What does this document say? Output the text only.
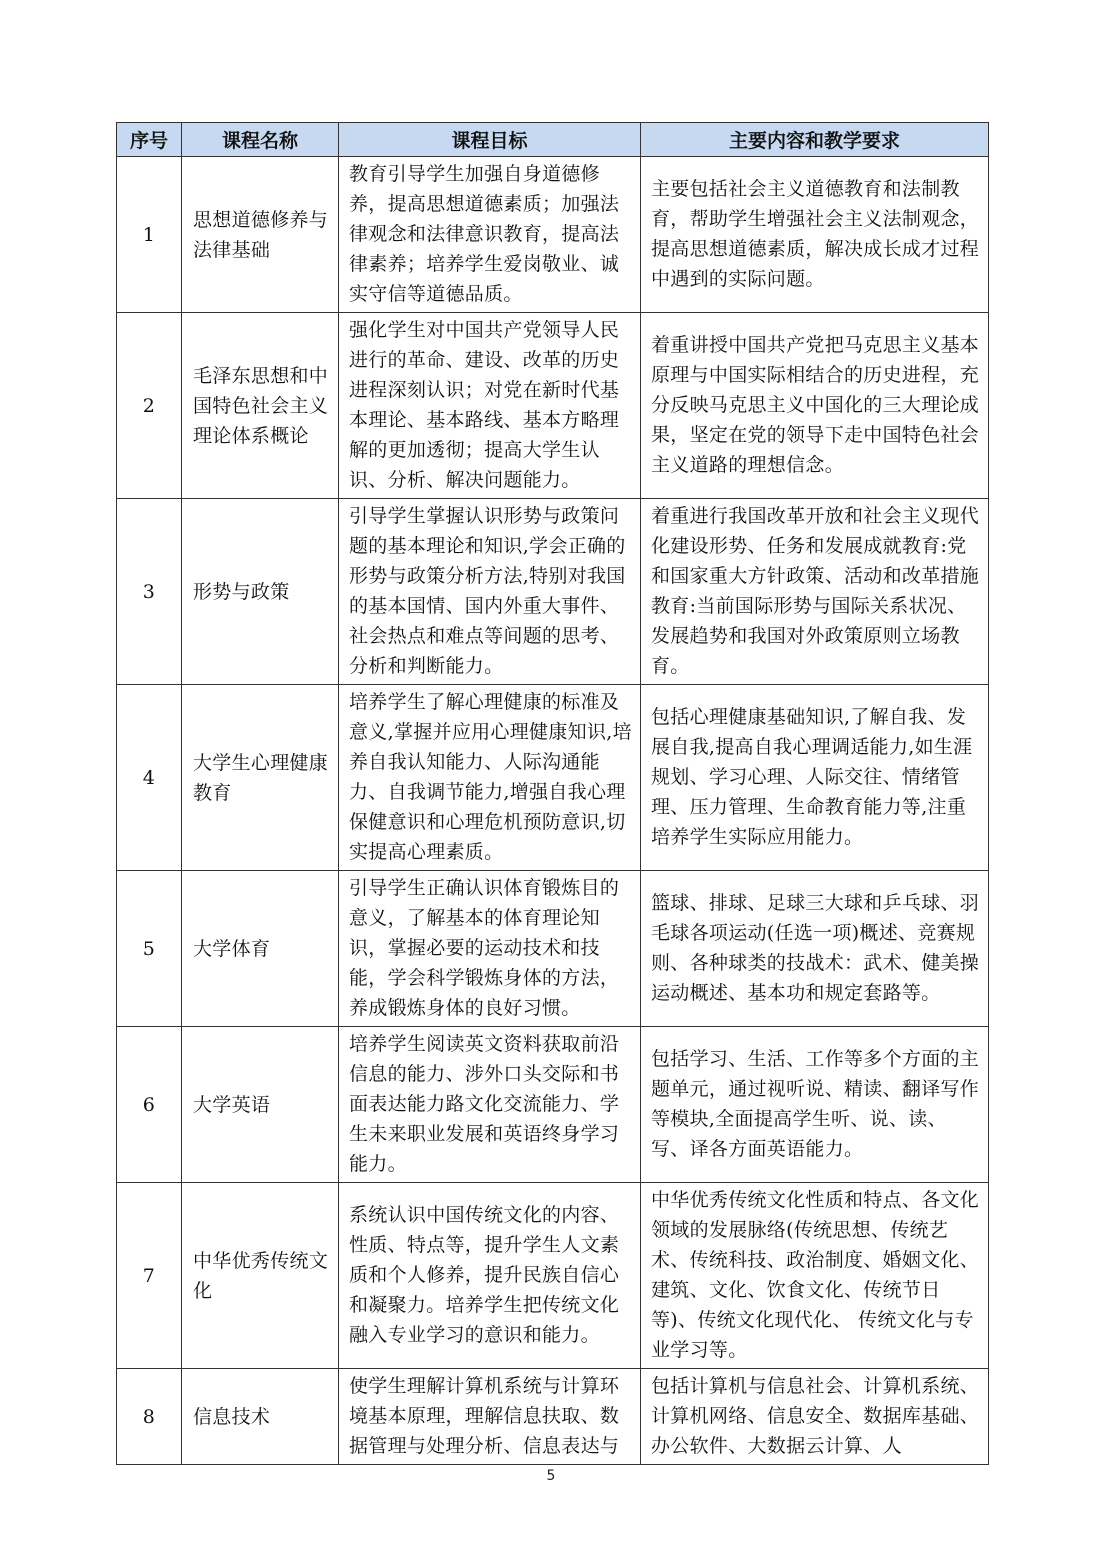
序号	课程名称	课程目标	主要内容和教学要求
1	思想道德修养与法律基础	教育引导学生加强自身道德修养，提高思想道德素质；加强法律观念和法律意识教育，提高法律素养；培养学生爱岗敬业、诚实守信等道德品质。	主要包括社会主义道德教育和法制教育，帮助学生增强社会主义法制观念，提高思想道德素质，解决成长成才过程中遇到的实际问题。
2	毛泽东思想和中国特色社会主义理论体系概论	强化学生对中国共产党领导人民进行的革命、建设、改革的历史进程深刻认识；对党在新时代基本理论、基本路线、基本方略理解的更加透彻；提高大学生认识、分析、解决问题能力。	着重讲授中国共产党把马克思主义基本原理与中国实际相结合的历史进程，充分反映马克思主义中国化的三大理论成果，坚定在党的领导下走中国特色社会主义道路的理想信念。
3	形势与政策	引导学生掌握认识形势与政策问题的基本理论和知识,学会正确的形势与政策分析方法,特别对我国的基本国情、国内外重大事件、社会热点和难点等间题的思考、分析和判断能力。	着重进行我国改革开放和社会主义现代化建设形势、任务和发展成就教育:党和国家重大方针政策、活动和改革措施教育:当前国际形势与国际关系状况、发展趋势和我国对外政策原则立场教育。
4	大学生心理健康教育	培养学生了解心理健康的标准及意义,掌握并应用心理健康知识,培养自我认知能力、人际沟通能力、自我调节能力,增强自我心理保健意识和心理危机预防意识,切实提高心理素质。	包括心理健康基础知识,了解自我、发展自我,提高自我心理调适能力,如生涯规划、学习心理、人际交往、情绪管理、压力管理、生命教育能力等,注重培养学生实际应用能力。
5	大学体育	引导学生正确认识体育锻炼目的意义，了解基本的体育理论知识，掌握必要的运动技术和技能，学会科学锻炼身体的方法，养成锻炼身体的良好习惯。	篮球、排球、足球三大球和乒乓球、羽毛球各项运动(任选一项)概述、竞赛规则、各种球类的技战术：武术、健美操运动概述、基本功和规定套路等。
6	大学英语	培养学生阅读英文资料获取前沿信息的能力、涉外口头交际和书面表达能力路文化交流能力、学生未来职业发展和英语终身学习能力。	包括学习、生活、工作等多个方面的主题单元，通过视听说、精读、翻译写作等模块,全面提高学生听、说、读、写、译各方面英语能力。
7	中华优秀传统文化	系统认识中国传统文化的内容、性质、特点等，提升学生人文素质和个人修养，提升民族自信心和凝聚力。培养学生把传统文化融入专业学习的意识和能力。	中华优秀传统文化性质和特点、各文化领域的发展脉络(传统思想、传统艺术、传统科技、政治制度、婚姻文化、建筑、文化、饮食文化、传统节日等)、传统文化现代化、 传统文化与专业学习等。
8	信息技术	使学生理解计算机系统与计算环境基本原理，理解信息扶取、数据管理与处理分析、信息表达与	包括计算机与信息社会、计算机系统、计算机网络、信息安全、数据库基础、办公软件、大数据云计算、人
5
